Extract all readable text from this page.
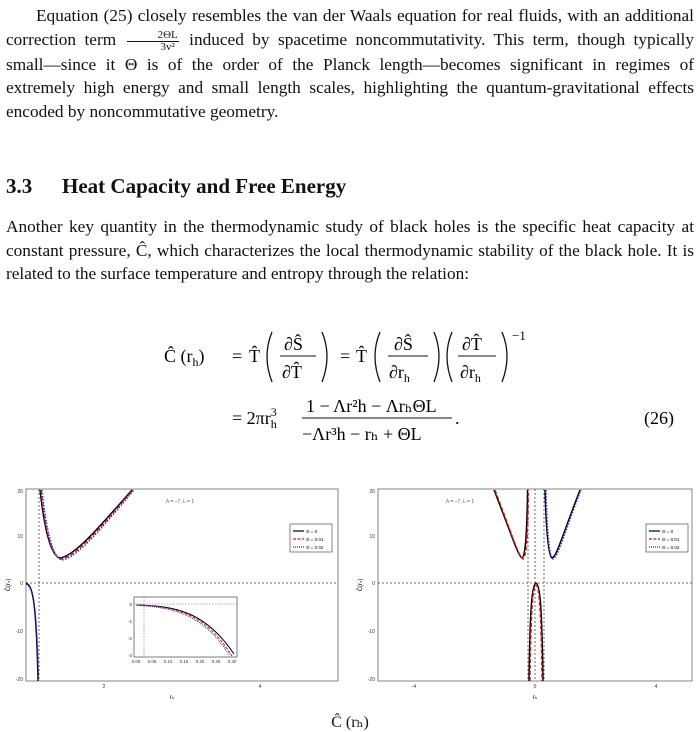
Equation (25) closely resembles the van der Waals equation for real fluids, with an additional correction term $\frac{2\Theta L}{\text{3v²}}$ induced by spacetime noncommutativity. This term, though typically small—since it Θ is of the order of the Planck length—becomes significant in regimes of extremely high energy and small length scales, highlighting the quantum-gravitational effects encoded by noncommutative geometry.

3.3 Heat Capacity and Free Energy

Another key quantity in the thermodynamic study of black holes is the specific heat capacity at constant pressure, Ĉ, which characterizes the local thermodynamic stability of the black hole. It is related to the surface temperature and entropy through the relation:

Ĉ $(r_h)$ = T̂
∂Ŝ
∂T̂
= T̂
∂Ŝ
$\partial r_h$
∂T̂
$\partial r_h$
−1
= $2\pi r^3$ h
1 − Λr²h − ΛrₕΘL
−Λr³h − rₕ + ΘL
.	(26)
20
10
0
-10
-20
2	4
rₕ
Ĉ(rₕ)
Λ = −7, L = 1
Θ = 0
Θ = 0.01
Θ = 0.02
0
-1
-2
-3
0.00 0.05 0.10 0.15 0.20 0.25 0.30
20
10
0
-10
-20
-4	0	4
rₕ
Ĉ(rₕ)
Λ = −7, L = 1
Θ = 0
Θ = 0.01
Θ = 0.02
Ĉ (rₕ)
